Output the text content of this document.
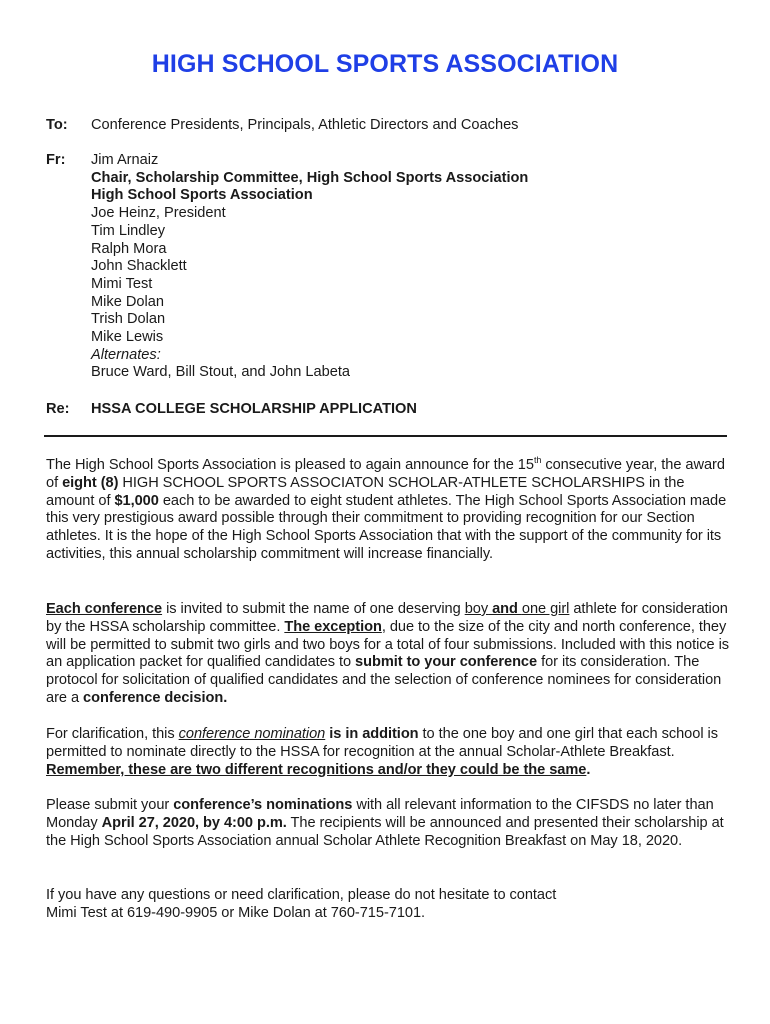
HIGH SCHOOL SPORTS ASSOCIATION
To: Conference Presidents, Principals, Athletic Directors and Coaches
Fr: Jim Arnaiz
Chair, Scholarship Committee, High School Sports Association
High School Sports Association
Joe Heinz, President
Tim Lindley
Ralph Mora
John Shacklett
Mimi Test
Mike Dolan
Trish Dolan
Mike Lewis
Alternates:
Bruce Ward, Bill Stout, and John Labeta
Re: HSSA COLLEGE SCHOLARSHIP APPLICATION
The High School Sports Association is pleased to again announce for the 15th consecutive year, the award of eight (8) HIGH SCHOOL SPORTS ASSOCIATON SCHOLAR-ATHLETE SCHOLARSHIPS in the amount of $1,000 each to be awarded to eight student athletes. The High School Sports Association made this very prestigious award possible through their commitment to providing recognition for our Section athletes. It is the hope of the High School Sports Association that with the support of the community for its activities, this annual scholarship commitment will increase financially.
Each conference is invited to submit the name of one deserving boy and one girl athlete for consideration by the HSSA scholarship committee. The exception, due to the size of the city and north conference, they will be permitted to submit two girls and two boys for a total of four submissions. Included with this notice is an application packet for qualified candidates to submit to your conference for its consideration. The protocol for solicitation of qualified candidates and the selection of conference nominees for consideration are a conference decision.
For clarification, this conference nomination is in addition to the one boy and one girl that each school is permitted to nominate directly to the HSSA for recognition at the annual Scholar-Athlete Breakfast. Remember, these are two different recognitions and/or they could be the same.
Please submit your conference’s nominations with all relevant information to the CIFSDS no later than Monday April 27, 2020, by 4:00 p.m. The recipients will be announced and presented their scholarship at the High School Sports Association annual Scholar Athlete Recognition Breakfast on May 18, 2020.
If you have any questions or need clarification, please do not hesitate to contact
Mimi Test at 619-490-9905 or Mike Dolan at 760-715-7101.
